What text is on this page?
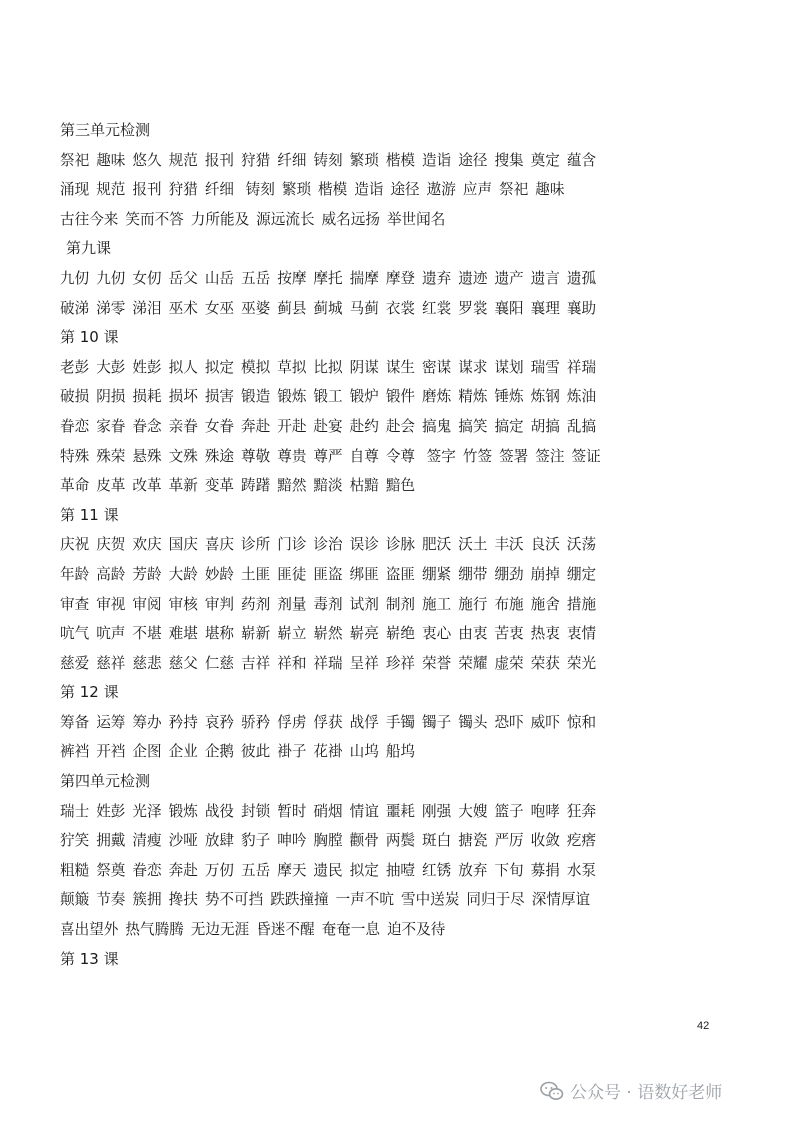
第三单元检测
祭祀 趣味 悠久 规范 报刊 狩猎 纤细 铸刻 繁琐 楷模 造诣 途径 搜集 奠定 蕴含
涌现 规范 报刊 狩猎 纤细 铸刻 繁琐 楷模 造诣 途径 遨游 应声 祭祀 趣味
古往今来 笑而不答 力所能及 源远流长 威名远扬 举世闻名
第九课
九仞 九仞 女仞 岳父 山岳 五岳 按摩 摩托 揣摩 摩登 遗弃 遗迹 遗产 遗言 遗孤
破涕 涕零 涕泪 巫术 女巫 巫婆 蓟县 蓟城 马蓟 衣裳 红裳 罗裳 襄阳 襄理 襄助
第 10 课
老彭 大彭 姓彭 拟人 拟定 模拟 草拟 比拟 阴谋 谋生 密谋 谋求 谋划 瑞雪 祥瑞
破损 阴损 损耗 损坏 损害 锻造 锻炼 锻工 锻炉 锻件 磨炼 精炼 锤炼 炼钢 炼油
眷恋 家眷 眷念 亲眷 女眷 奔赴 开赴 赴宴 赴约 赴会 搞鬼 搞笑 搞定 胡搞 乱搞
特殊 殊荣 悬殊 文殊 殊途 尊敬 尊贵 尊严 自尊 令尊 签字 竹签 签署 签注 签证
革命 皮革 改革 革新 变革 踌躇 黯然 黯淡 枯黯 黯色
第 11 课
庆祝 庆贺 欢庆 国庆 喜庆 诊所 门诊 诊治 误诊 诊脉 肥沃 沃土 丰沃 良沃 沃荡
年龄 高龄 芳龄 大龄 妙龄 土匪 匪徒 匪盗 绑匪 盗匪 绷紧 绷带 绷劲 崩掉 绷定
审查 审视 审阅 审核 审判 药剂 剂量 毒剂 试剂 制剂 施工 施行 布施 施舍 措施
吭气 吭声 不堪 难堪 堪称 崭新 崭立 崭然 崭亮 崭绝 衷心 由衷 苦衷 热衷 衷情
慈爱 慈祥 慈悲 慈父 仁慈 吉祥 祥和 祥瑞 呈祥 珍祥 荣誉 荣耀 虚荣 荣获 荣光
第 12 课
筹备 运筹 筹办 矜持 哀矜 骄矜 俘虏 俘获 战俘 手镯 镯子 镯头 恐吓 威吓 惊和
裤裆 开裆 企图 企业 企鹅 彼此 褂子 花褂 山坞 船坞
第四单元检测
瑞士 姓彭 光泽 锻炼 战役 封锁 暂时 硝烟 情谊 噩耗 刚强 大嫂 篮子 咆哮 狂奔
狞笑 拥戴 清瘦 沙哑 放肆 豹子 呻吟 胸膛 颧骨 两鬓 斑白 搪瓷 严厉 收敛 疙瘩
粗糙 祭奠 眷恋 奔赴 万仞 五岳 摩天 遗民 拟定 抽噎 红锈 放弃 下旬 募捐 水泵
颠簸 节奏 簇拥 搀扶 势不可挡 跌跌撞撞 一声不吭 雪中送炭 同归于尽 深情厚谊
喜出望外 热气腾腾 无边无涯 昏迷不醒 奄奄一息 迫不及待
第 13 课
42
公众号 · 语数好老师
